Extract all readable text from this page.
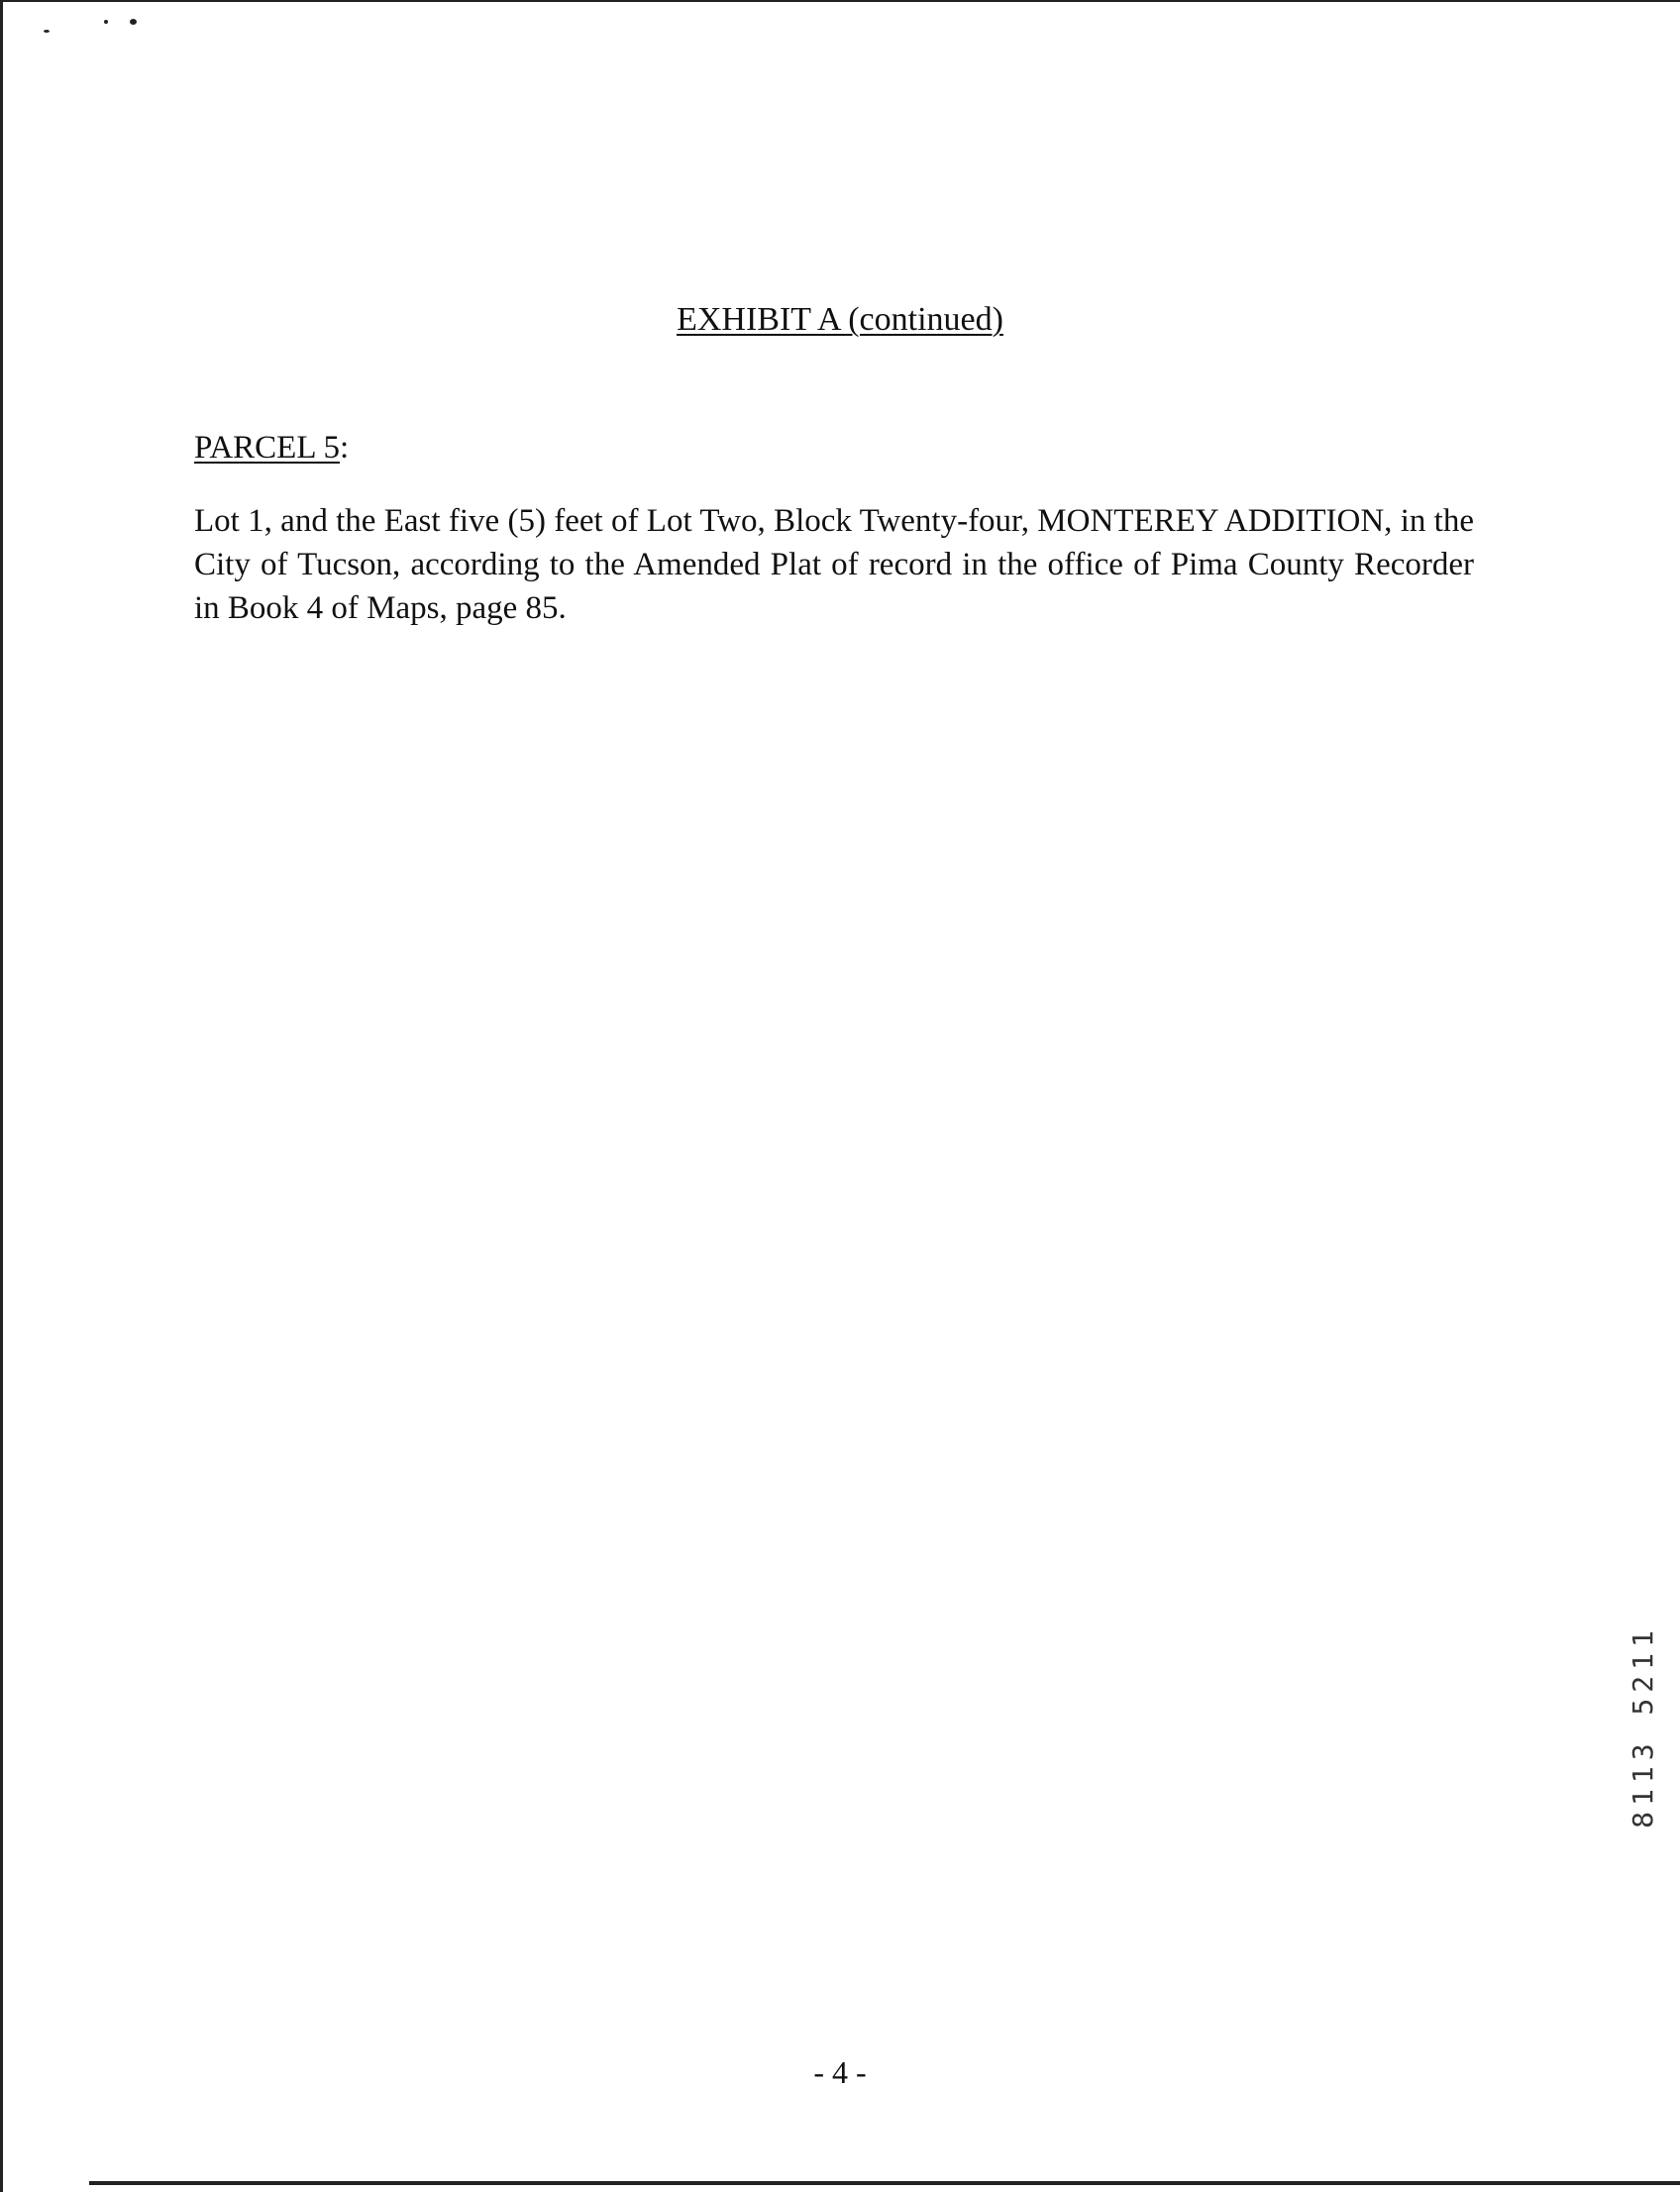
EXHIBIT A (continued)
PARCEL 5:
Lot 1, and the East five (5) feet of Lot Two, Block Twenty-four, MONTEREY ADDITION, in the City of Tucson, according to the Amended Plat of record in the office of Pima County Recorder in Book 4 of Maps, page 85.
8113 5211
- 4 -
